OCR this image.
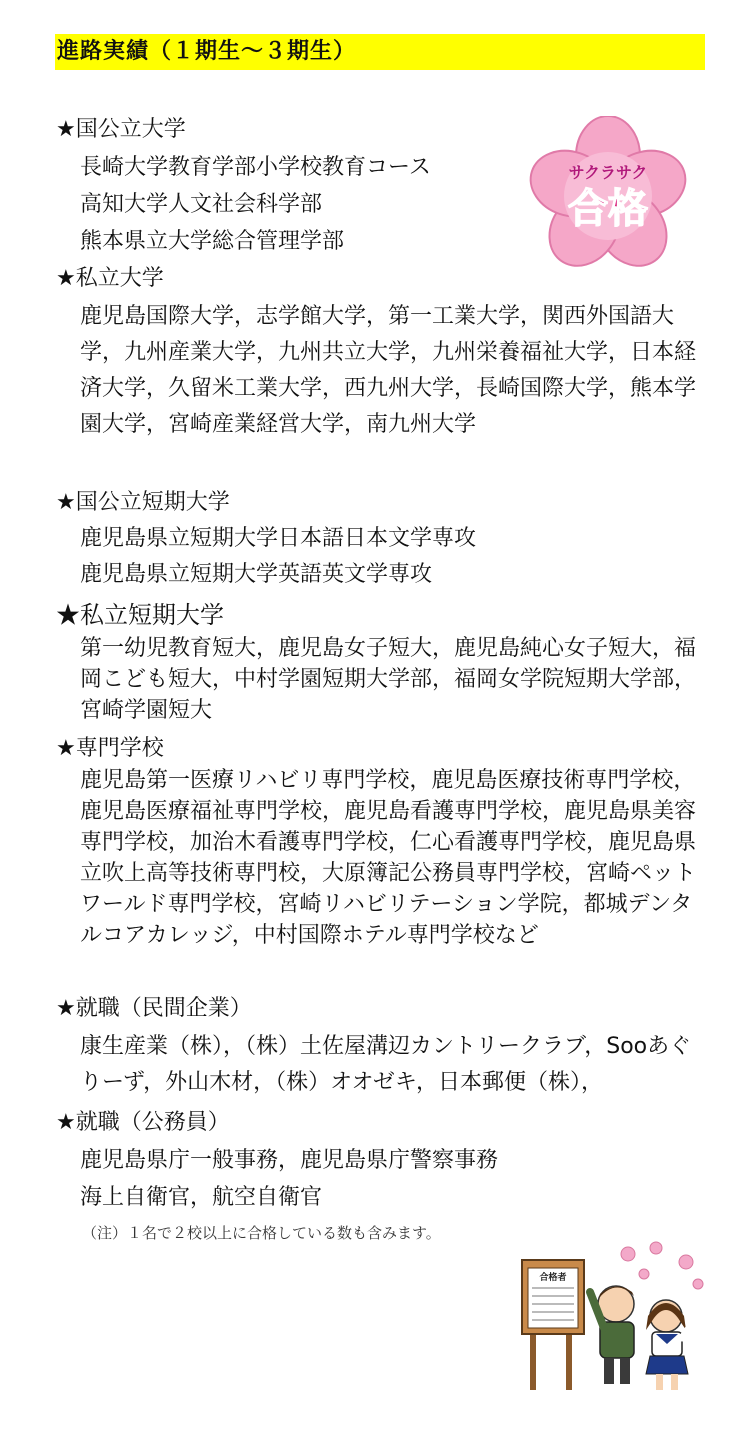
進路実績（１期生～３期生）
★国公立大学
長崎大学教育学部小学校教育コース
高知大学人文社会科学部
熊本県立大学総合管理学部
★私立大学
鹿児島国際大学，志学館大学，第一工業大学，関西外国語大学，九州産業大学，九州共立大学，九州栄養福祉大学，日本経済大学，久留米工業大学，西九州大学，長崎国際大学，熊本学園大学，宮崎産業経営大学，南九州大学
★国公立短期大学
鹿児島県立短期大学日本語日本文学専攻
鹿児島県立短期大学英語英文学専攻
★私立短期大学
第一幼児教育短大，鹿児島女子短大，鹿児島純心女子短大，福岡こども短大，中村学園短期大学部，福岡女学院短期大学部，宮崎学園短大
★専門学校
鹿児島第一医療リハビリ専門学校，鹿児島医療技術専門学校，鹿児島医療福祉専門学校，鹿児島看護専門学校，鹿児島県美容専門学校，加治木看護専門学校，仁心看護専門学校，鹿児島県立吹上高等技術専門校，大原簿記公務員専門学校，宮崎ペットワールド専門学校，宮崎リハビリテーション学院，都城デンタルコアカレッジ，中村国際ホテル専門学校など
★就職（民間企業）
康生産業（株），（株）土佐屋溝辺カントリークラブ，Sooあぐりーず，外山木材，（株）オオゼキ，日本郵便（株），
★就職（公務員）
鹿児島県庁一般事務，鹿児島県庁警察事務
海上自衛官，航空自衛官
（注）１名で２校以上に合格している数も含みます。
サクラサク
合格
合格者
